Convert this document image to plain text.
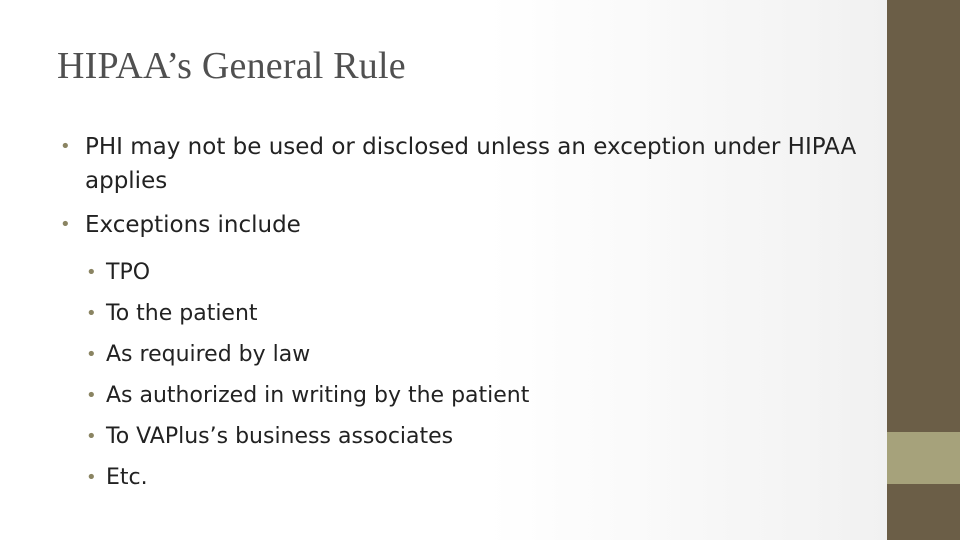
HIPAA’s General Rule
• PHI may not be used or disclosed unless an exception under HIPAA applies
• Exceptions include
• TPO
• To the patient
• As required by law
• As authorized in writing by the patient
• To VAPlus’s business associates
• Etc.
